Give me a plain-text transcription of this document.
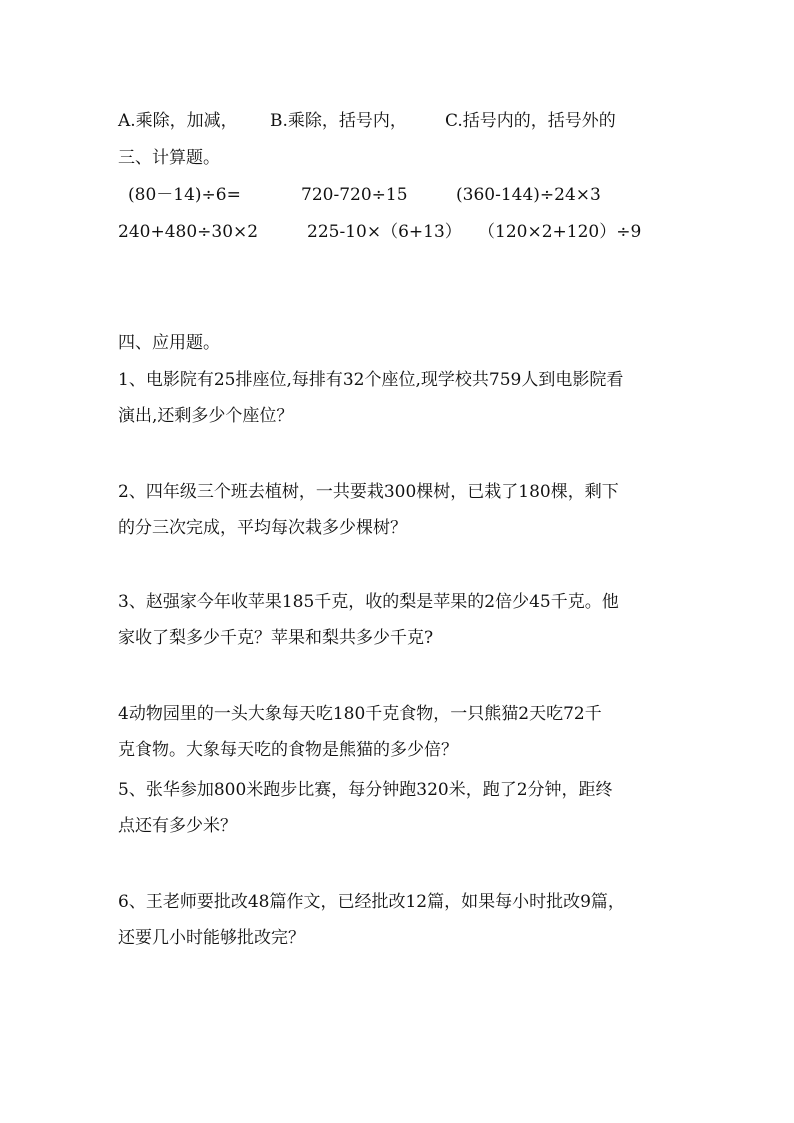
A.乘除，加减， B.乘除，括号内， C.括号内的，括号外的
三、计算题。
(80－14)÷6=	720-720÷15	(360-144)÷24×3
240+480÷30×2	225-10×（6+13） （120×2+120）÷9
四、应用题。
1、电影院有25排座位,每排有32个座位,现学校共759人到电影院看
演出,还剩多少个座位？
2、四年级三个班去植树，一共要栽300棵树，已栽了180棵，剩下
的分三次完成，平均每次栽多少棵树？
3、赵强家今年收苹果185千克，收的梨是苹果的2倍少45千克。他
家收了梨多少千克？苹果和梨共多少千克?
4动物园里的一头大象每天吃180千克食物，一只熊猫2天吃72千
克食物。大象每天吃的食物是熊猫的多少倍？
5、张华参加800米跑步比赛，每分钟跑320米，跑了2分钟，距终
点还有多少米？
6、王老师要批改48篇作文，已经批改12篇，如果每小时批改9篇，
还要几小时能够批改完？
